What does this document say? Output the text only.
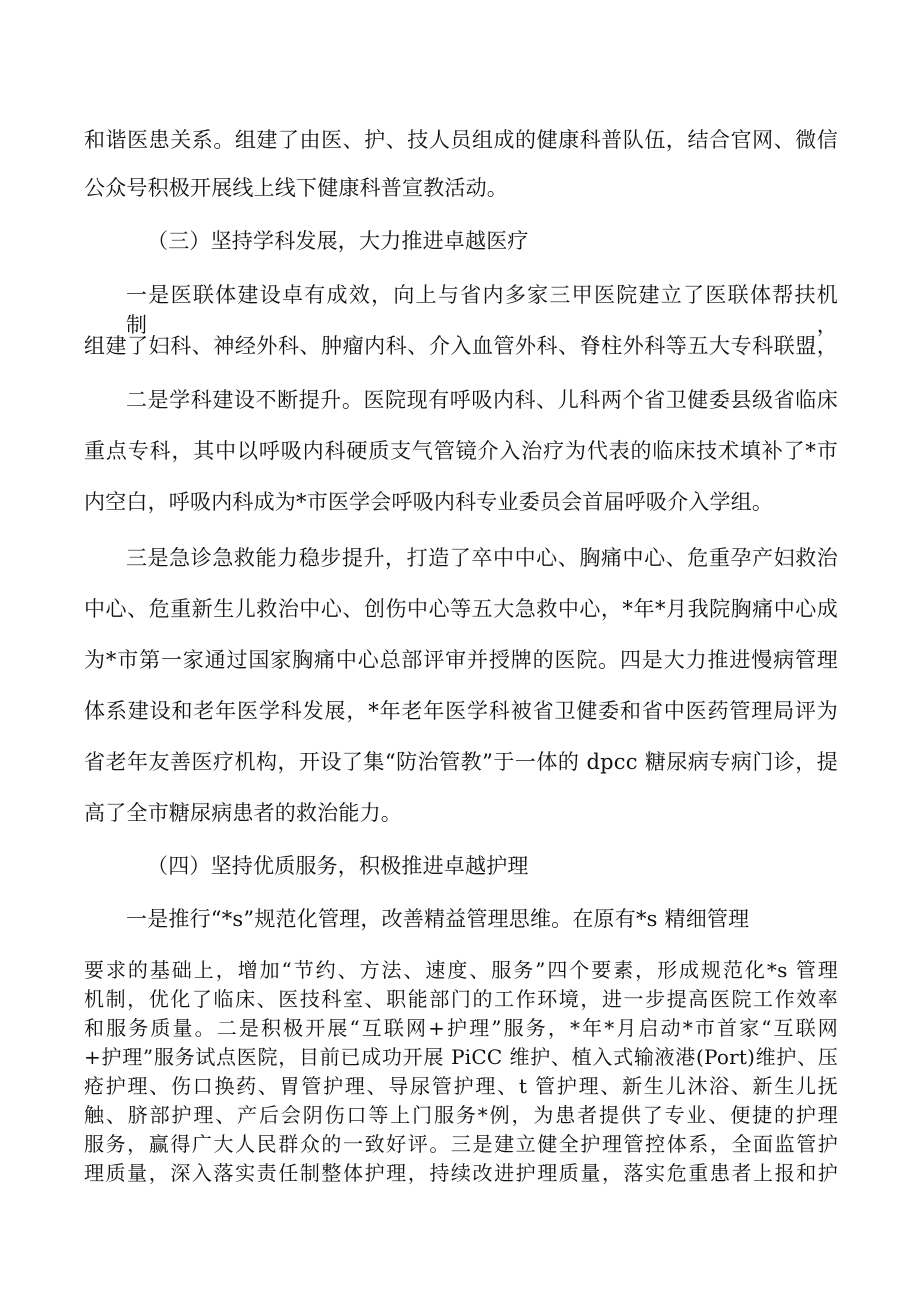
和谐医患关系。组建了由医、护、技人员组成的健康科普队伍，结合官网、微信
公众号积极开展线上线下健康科普宣教活动。
（三）坚持学科发展，大力推进卓越医疗
一是医联体建设卓有成效，向上与省内多家三甲医院建立了医联体帮扶机制，
组建了妇科、神经外科、肿瘤内科、介入血管外科、脊柱外科等五大专科联盟，
二是学科建设不断提升。医院现有呼吸内科、儿科两个省卫健委县级省临床
重点专科，其中以呼吸内科硬质支气管镜介入治疗为代表的临床技术填补了*市
内空白，呼吸内科成为*市医学会呼吸内科专业委员会首届呼吸介入学组。
三是急诊急救能力稳步提升，打造了卒中中心、胸痛中心、危重孕产妇救治
中心、危重新生儿救治中心、创伤中心等五大急救中心，*年*月我院胸痛中心成
为*市第一家通过国家胸痛中心总部评审并授牌的医院。四是大力推进慢病管理
体系建设和老年医学科发展，*年老年医学科被省卫健委和省中医药管理局评为
省老年友善医疗机构，开设了集“防治管教”于一体的 dpcc 糖尿病专病门诊，提
高了全市糖尿病患者的救治能力。
（四）坚持优质服务，积极推进卓越护理
一是推行“*s”规范化管理，改善精益管理思维。在原有*s 精细管理
要求的基础上，增加“节约、方法、速度、服务”四个要素，形成规范化*s 管理
机制，优化了临床、医技科室、职能部门的工作环境，进一步提高医院工作效率
和服务质量。二是积极开展“互联网+护理”服务，*年*月启动*市首家“互联网
+护理”服务试点医院，目前已成功开展 PiCC 维护、植入式输液港(Port)维护、压
疮护理、伤口换药、胃管护理、导尿管护理、t 管护理、新生儿沐浴、新生儿抚
触、脐部护理、产后会阴伤口等上门服务*例，为患者提供了专业、便捷的护理
服务，赢得广大人民群众的一致好评。三是建立健全护理管控体系，全面监管护
理质量，深入落实责任制整体护理，持续改进护理质量，落实危重患者上报和护
